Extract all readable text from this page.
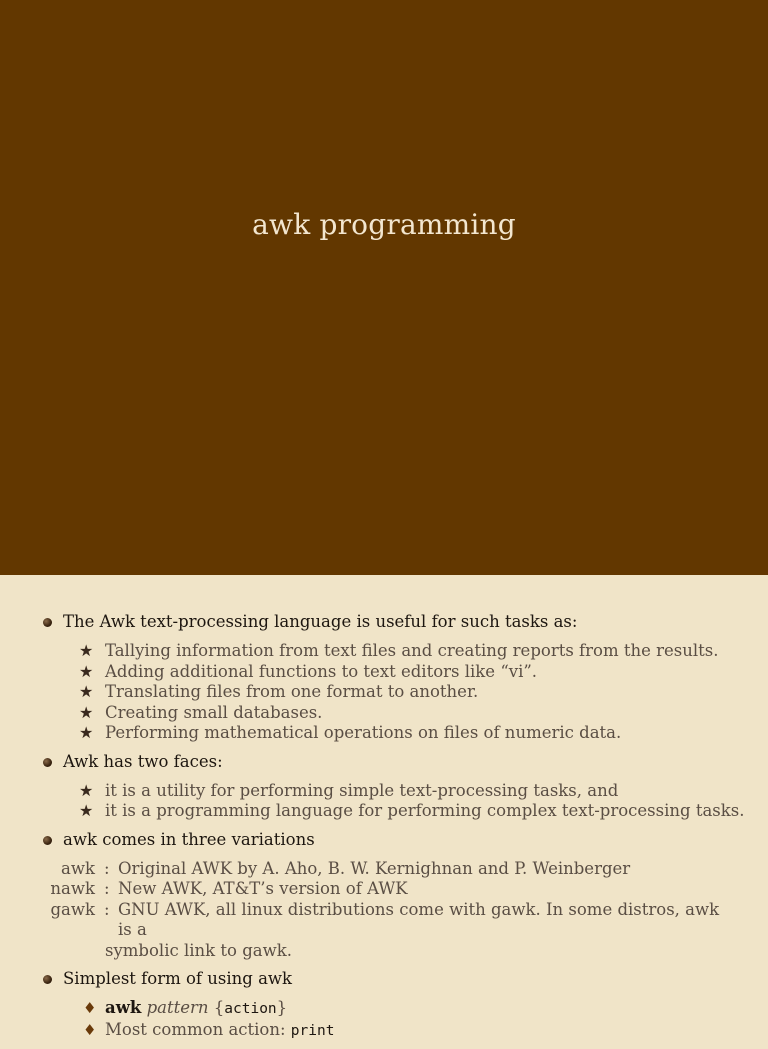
awk programming
The Awk text-processing language is useful for such tasks as:
★ Tallying information from text files and creating reports from the results.
★ Adding additional functions to text editors like “vi”.
★ Translating files from one format to another.
★ Creating small databases.
★ Performing mathematical operations on files of numeric data.
Awk has two faces:
★ it is a utility for performing simple text-processing tasks, and
★ it is a programming language for performing complex text-processing tasks.
awk comes in three variations
awk : Original AWK by A. Aho, B. W. Kernighnan and P. Weinberger
nawk : New AWK, AT&T’s version of AWK
gawk : GNU AWK, all linux distributions come with gawk. In some distros, awk is a
symbolic link to gawk.
Simplest form of using awk
♦ awk pattern {action}
♦ Most common action: print
